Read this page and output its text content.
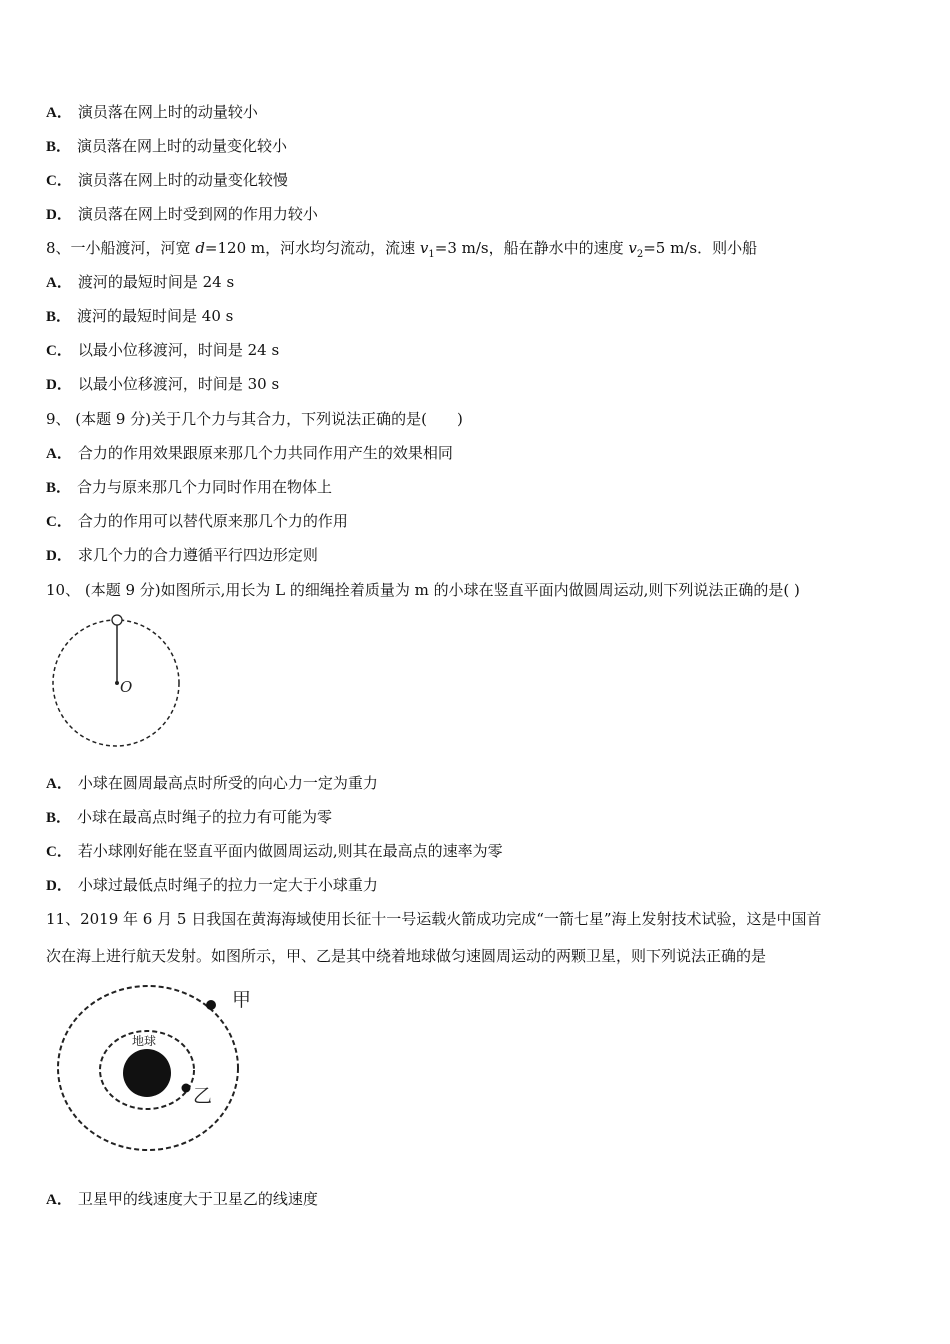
A． 演员落在网上时的动量较小
B． 演员落在网上时的动量变化较小
C． 演员落在网上时的动量变化较慢
D． 演员落在网上时受到网的作用力较小
8、一小船渡河，河宽 d=120 m，河水均匀流动，流速 $v_1=3$ m/s，船在静水中的速度 $v_2=5$ m/s．则小船
A． 渡河的最短时间是 24 s
B． 渡河的最短时间是 40 s
C． 以最小位移渡河，时间是 24 s
D． 以最小位移渡河，时间是 30 s
9、 (本题 9 分)关于几个力与其合力，下列说法正确的是(　　)
A． 合力的作用效果跟原来那几个力共同作用产生的效果相同
B． 合力与原来那几个力同时作用在物体上
C． 合力的作用可以替代原来那几个力的作用
D． 求几个力的合力遵循平行四边形定则
10、 (本题 9 分)如图所示,用长为 L 的细绳拴着质量为 m 的小球在竖直平面内做圆周运动,则下列说法正确的是( )
O
A． 小球在圆周最高点时所受的向心力一定为重力
B． 小球在最高点时绳子的拉力有可能为零
C． 若小球刚好能在竖直平面内做圆周运动,则其在最高点的速率为零
D． 小球过最低点时绳子的拉力一定大于小球重力
11、2019 年 6 月 5 日我国在黄海海域使用长征十一号运载火箭成功完成“一箭七星”海上发射技术试验，这是中国首
次在海上进行航天发射。如图所示，甲、乙是其中绕着地球做匀速圆周运动的两颗卫星，则下列说法正确的是
地球
甲
乙
A． 卫星甲的线速度大于卫星乙的线速度
